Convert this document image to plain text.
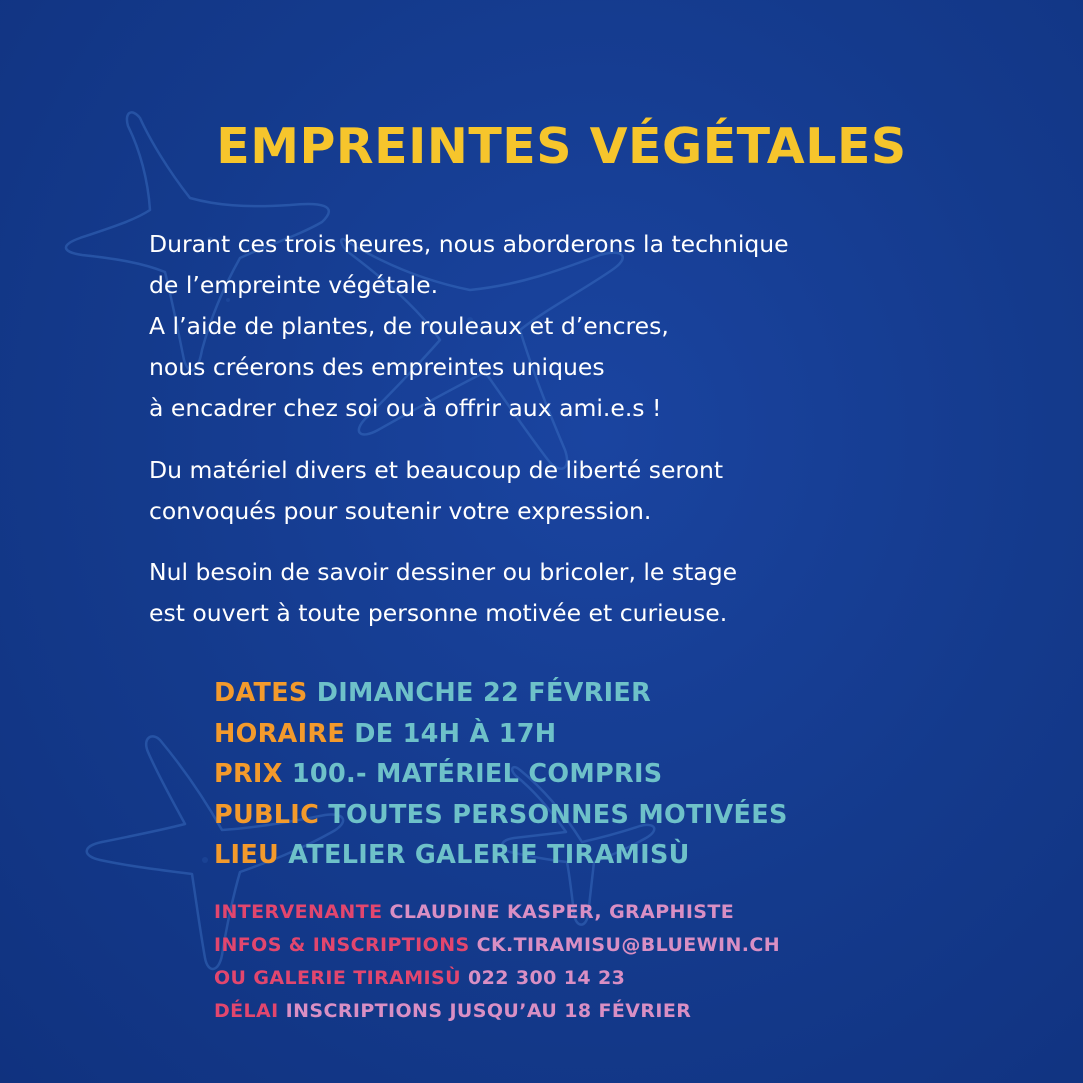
EMPREINTES VÉGÉTALES

Durant ces trois heures, nous aborderons la technique
de l’empreinte végétale.
A l’aide de plantes, de rouleaux et d’encres,
nous créerons des empreintes uniques
à encadrer chez soi ou à offrir aux ami.e.s !

Du matériel divers et beaucoup de liberté seront
convoqués pour soutenir votre expression.

Nul besoin de savoir dessiner ou bricoler, le stage
est ouvert à toute personne motivée et curieuse.

DATES DIMANCHE 22 FÉVRIER
HORAIRE DE 14H À 17H
PRIX 100.- MATÉRIEL COMPRIS
PUBLIC TOUTES PERSONNES MOTIVÉES
LIEU ATELIER GALERIE TIRAMISÙ
INTERVENANTE CLAUDINE KASPER, GRAPHISTE
INFOS & INSCRIPTIONS CK.TIRAMISU@BLUEWIN.CH
OU GALERIE TIRAMISÙ 022 300 14 23
DÉLAI INSCRIPTIONS JUSQU’AU 18 FÉVRIER
